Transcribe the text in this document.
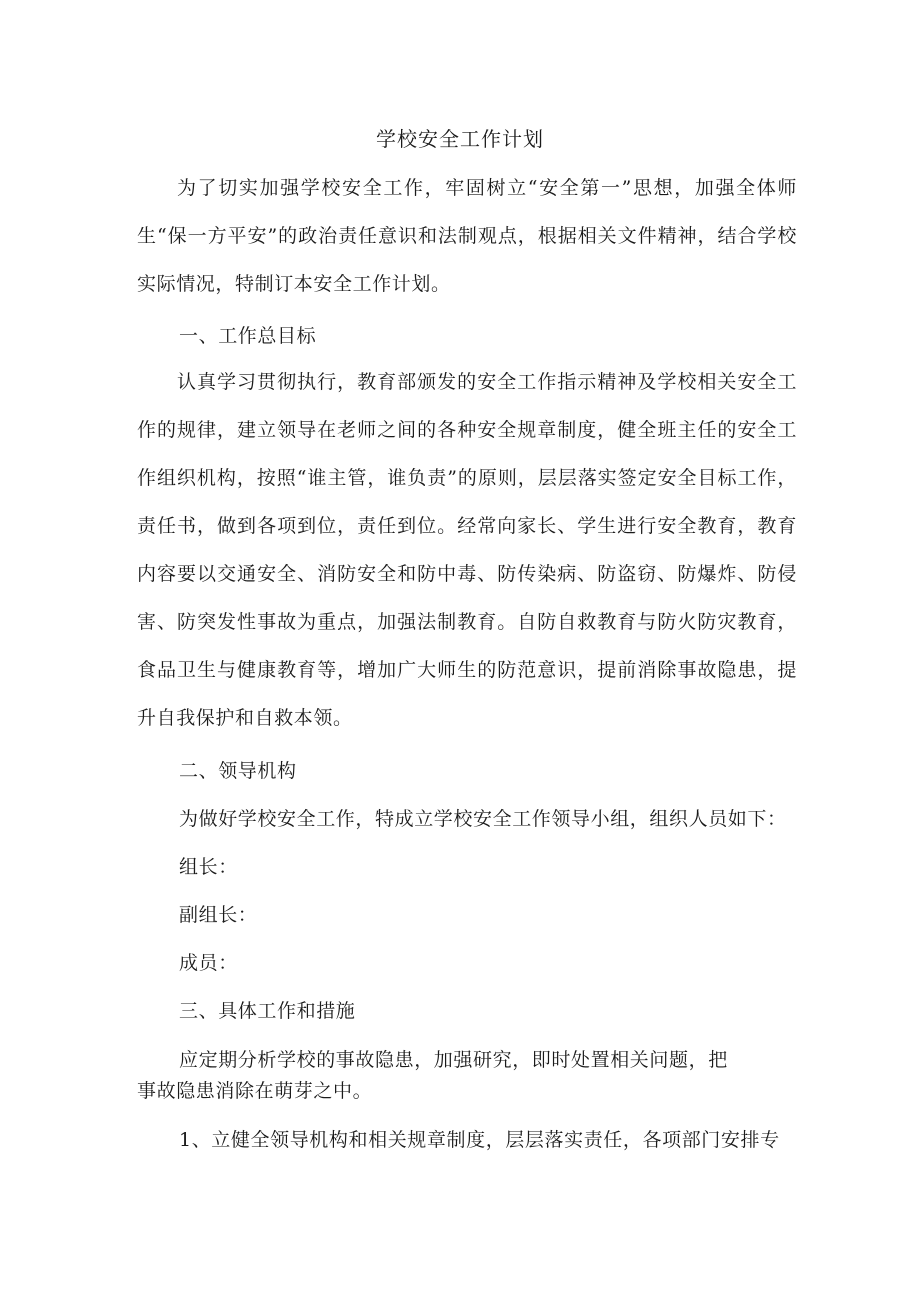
学校安全工作计划
为了切实加强学校安全工作，牢固树立“安全第一”思想，加强全体师生“保一方平安”的政治责任意识和法制观点，根据相关文件精神，结合学校实际情况，特制订本安全工作计划。
一、工作总目标
认真学习贯彻执行，教育部颁发的安全工作指示精神及学校相关安全工作的规律，建立领导在老师之间的各种安全规章制度，健全班主任的安全工作组织机构，按照“谁主管，谁负责”的原则，层层落实签定安全目标工作，责任书，做到各项到位，责任到位。经常向家长、学生进行安全教育，教育内容要以交通安全、消防安全和防中毒、防传染病、防盗窃、防爆炸、防侵害、防突发性事故为重点，加强法制教育。自防自救教育与防火防灾教育，食品卫生与健康教育等，增加广大师生的防范意识，提前消除事故隐患，提升自我保护和自救本领。
二、领导机构
为做好学校安全工作，特成立学校安全工作领导小组，组织人员如下：
组长：
副组长：
成员：
三、具体工作和措施
应定期分析学校的事故隐患，加强研究，即时处置相关问题，把
事故隐患消除在萌芽之中。
1、立健全领导机构和相关规章制度，层层落实责任，各项部门安排专
